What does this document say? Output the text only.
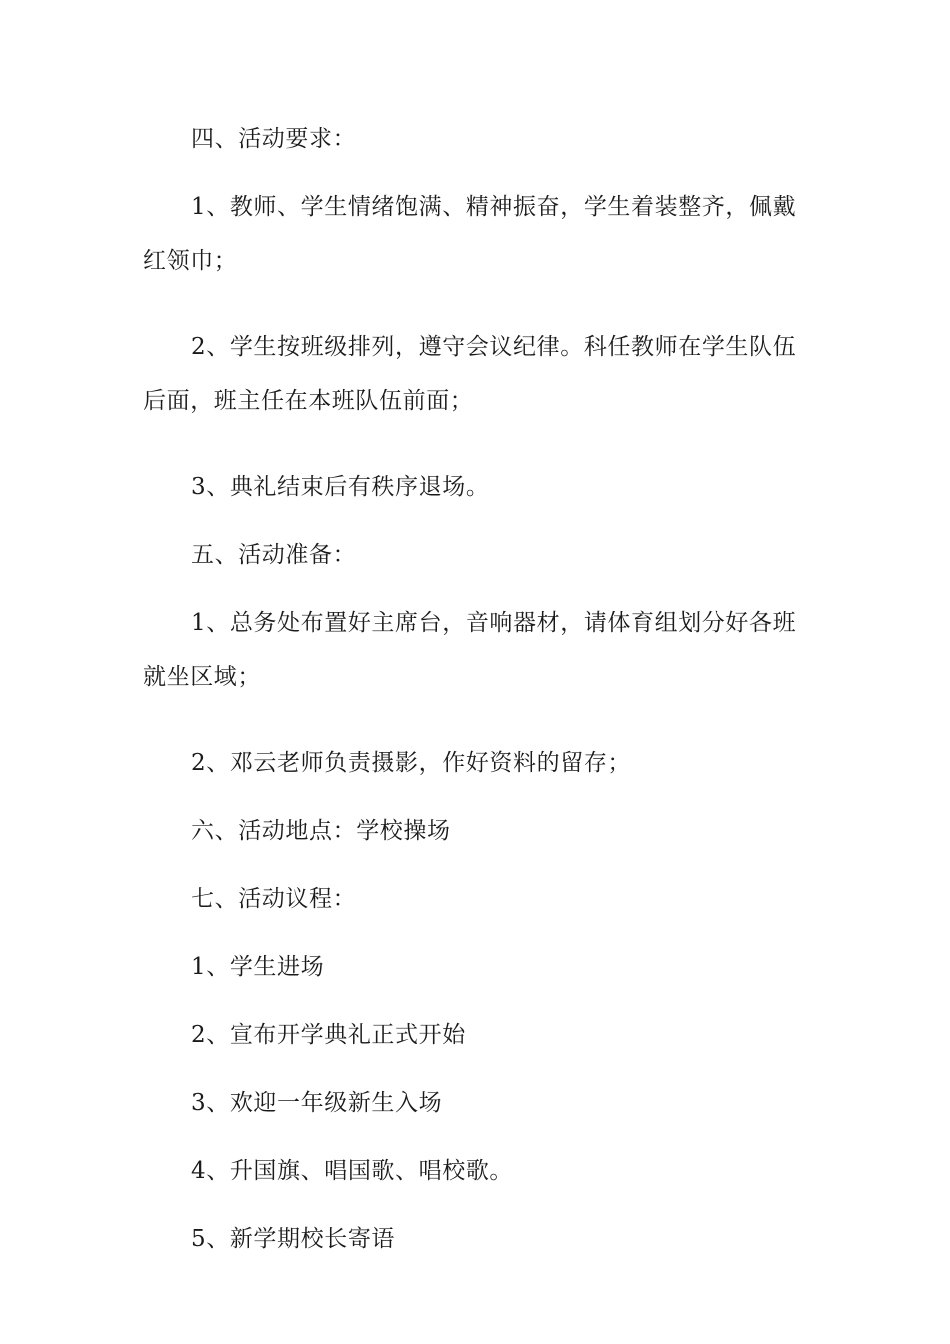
四、活动要求：

1、教师、学生情绪饱满、精神振奋，学生着装整齐，佩戴红领巾；

2、学生按班级排列，遵守会议纪律。科任教师在学生队伍后面，班主任在本班队伍前面；

3、典礼结束后有秩序退场。

五、活动准备：

1、总务处布置好主席台，音响器材，请体育组划分好各班就坐区域；

2、邓云老师负责摄影，作好资料的留存；

六、活动地点：学校操场

七、活动议程：

1、学生进场

2、宣布开学典礼正式开始

3、欢迎一年级新生入场

4、升国旗、唱国歌、唱校歌。

5、新学期校长寄语
